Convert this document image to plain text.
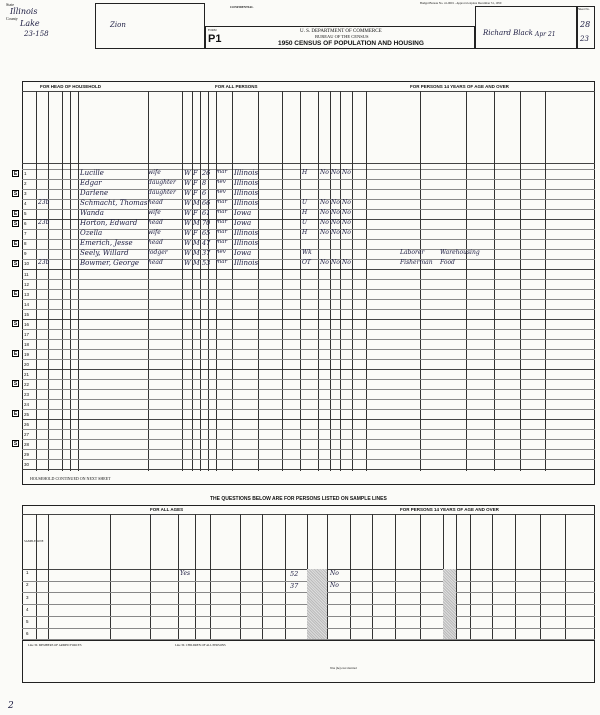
State
Illinois
County
Lake
23-158
Zion
FORM
P1
CONFIDENTIAL
U. S. DEPARTMENT OF COMMERCE
BUREAU OF THE CENSUS
1950 CENSUS OF POPULATION AND HOUSING
Budget Bureau No. 41-0601 - Approval expires December 31, 1950
Richard Black Apr 21
Sheet No.
28
23
FOR HEAD OF HOUSEHOLD	FOR ALL PERSONS	FOR PERSONS 14 YEARS OF AGE AND OVER
E
S
E
S
E
S
E
S
E
S
E
S
1	Lucille	wife	W F 26 mar Illinois	H No No No
2	Edgar	daughter W F 8 nev Illinois
3	Darlene	daughter W F 6 nev Illinois
4 23b	Schmacht, Thomas head	W M 66 mar Illinois	U No No No
5	Wanda	wife	W F 61 mar Iowa	H No No No
6 23b	Horton, Edward head	W M 70 mar Iowa	U No No No
7	Ozella	wife	W F 65 mar Illinois	H No No No
8	Emerich, Jesse	head	W M 47 mar Illinois
9	Seely, Willard	lodger	W M 37 nev Iowa	Wk	Laborer	Warehousing
10 23b	Bowmer, George head	W M 53 mar Illinois	OT No No No	Fisherman Food
11
12
13
14
15
16
17
18
19
20
21
22
23
24
25
26
27
28
29
30
HOUSEHOLD CONTINUED ON NEXT SHEET
THE QUESTIONS BELOW ARE FOR PERSONS LISTED ON SAMPLE LINES
FOR ALL AGES	FOR PERSONS 14 YEARS OF AGE AND OVER
SAMPLE LINE
1	Yes	52	No
2	37	No
3
4
5
6
Line 30. MEMBERS OF ARMED FORCES	Line 30. CHILDREN OF ALL PERSONS
Was (he) ever married
2
